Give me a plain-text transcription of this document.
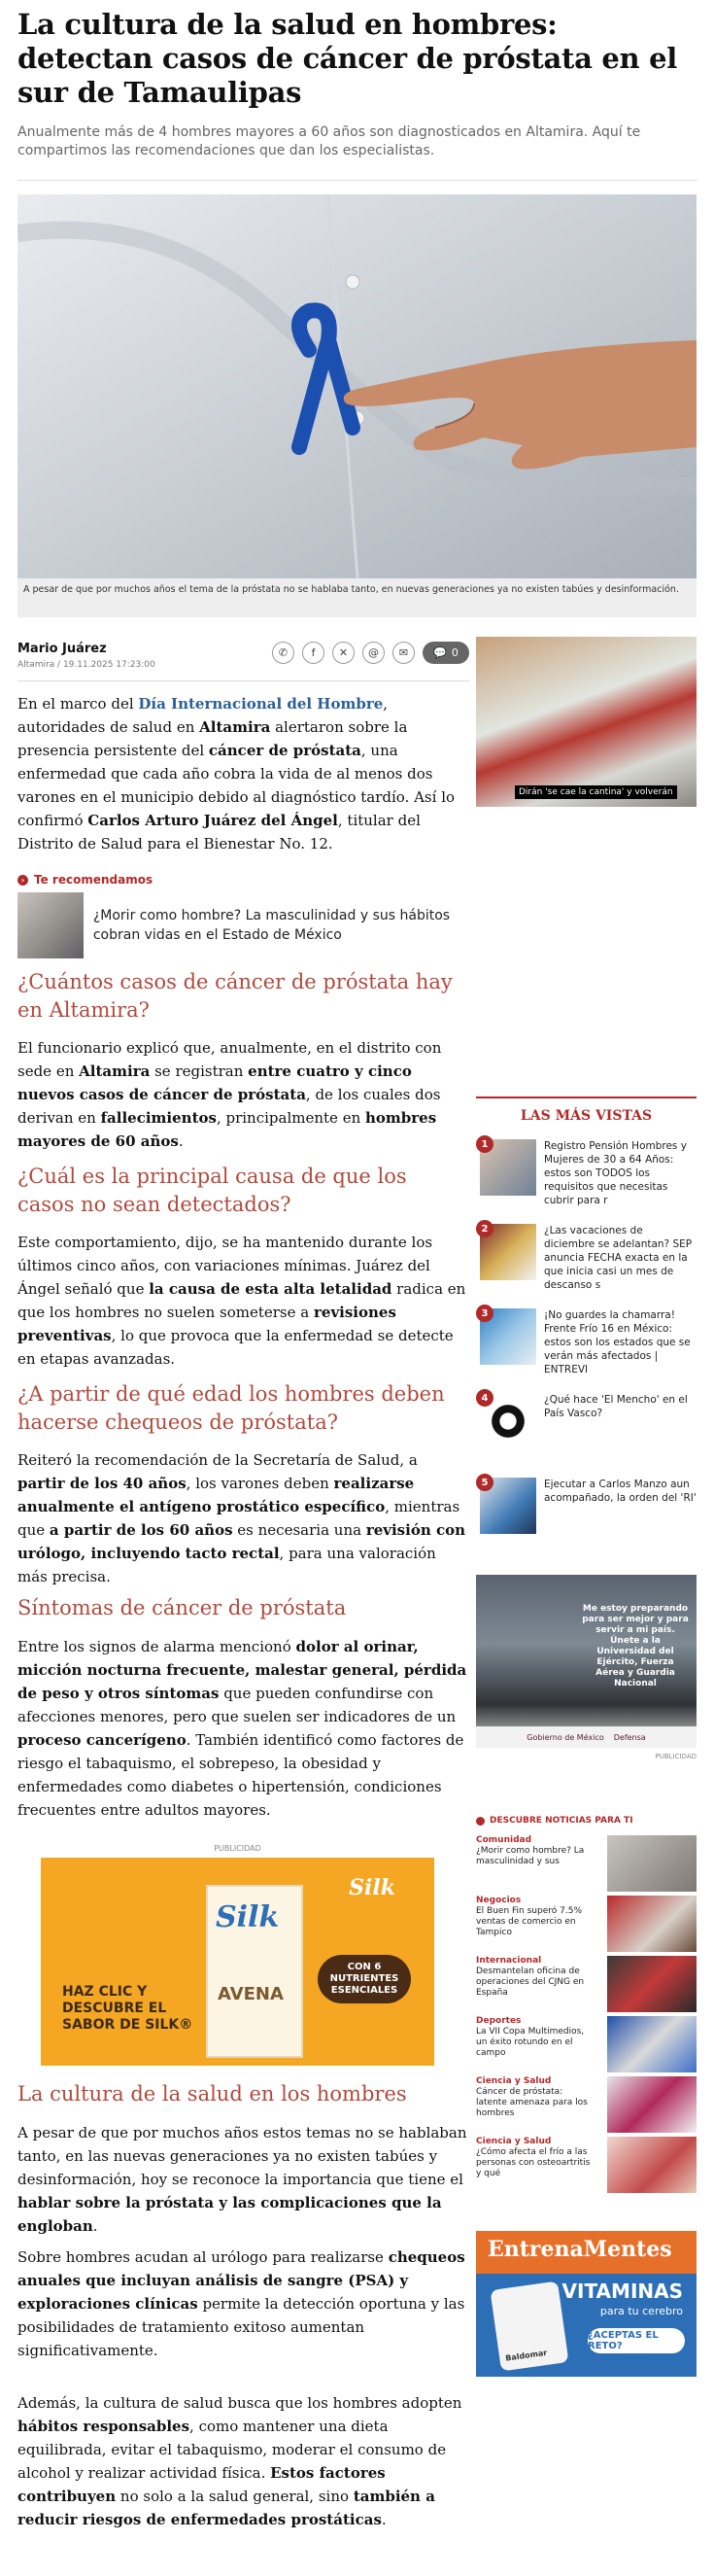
La cultura de la salud en hombres: detectan casos de cáncer de próstata en el sur de Tamaulipas

Anualmente más de 4 hombres mayores a 60 años son diagnosticados en Altamira. Aquí te compartimos las recomendaciones que dan los especialistas.

A pesar de que por muchos años el tema de la próstata no se hablaba tanto, en nuevas generaciones ya no existen tabúes y desinformación.
Mario Juárez
Altamira / 19.11.2025 17:23:00
✆	f	✕	@	✉	💬 0

En el marco del Día Internacional del Hombre, autoridades de salud en Altamira alertaron sobre la presencia persistente del cáncer de próstata, una enfermedad que cada año cobra la vida de al menos dos varones en el municipio debido al diagnóstico tardío. Así lo confirmó Carlos Arturo Juárez del Ángel, titular del Distrito de Salud para el Bienestar No. 12.

› Te recomendamos
¿Morir como hombre? La masculinidad y sus hábitos cobran vidas en el Estado de México
¿Cuántos casos de cáncer de próstata hay en Altamira?

El funcionario explicó que, anualmente, en el distrito con sede en Altamira se registran entre cuatro y cinco nuevos casos de cáncer de próstata, de los cuales dos derivan en fallecimientos, principalmente en hombres mayores de 60 años.

¿Cuál es la principal causa de que los casos no sean detectados?

Este comportamiento, dijo, se ha mantenido durante los últimos cinco años, con variaciones mínimas. Juárez del Ángel señaló que la causa de esta alta letalidad radica en que los hombres no suelen someterse a revisiones preventivas, lo que provoca que la enfermedad se detecte en etapas avanzadas.

¿A partir de qué edad los hombres deben hacerse chequeos de próstata?

Reiteró la recomendación de la Secretaría de Salud, a partir de los 40 años, los varones deben realizarse anualmente el antígeno prostático específico, mientras que a partir de los 60 años es necesaria una revisión con urólogo, incluyendo tacto rectal, para una valoración más precisa.

Síntomas de cáncer de próstata

Entre los signos de alarma mencionó dolor al orinar, micción nocturna frecuente, malestar general, pérdida de peso y otros síntomas que pueden confundirse con afecciones menores, pero que suelen ser indicadores de un proceso cancerígeno. También identificó como factores de riesgo el tabaquismo, el sobrepeso, la obesidad y enfermedades como diabetes o hipertensión, condiciones frecuentes entre adultos mayores.

PUBLICIDAD
Silk
Silk
AVENA
HAZ CLIC Y DESCUBRE EL SABOR DE SILK®
CON 6 NUTRIENTES ESENCIALES
La cultura de la salud en los hombres

A pesar de que por muchos años estos temas no se hablaban tanto, en las nuevas generaciones ya no existen tabúes y desinformación, hoy se reconoce la importancia que tiene el hablar sobre la próstata y las complicaciones que la engloban.

Sobre hombres acudan al urólogo para realizarse chequeos anuales que incluyan análisis de sangre (PSA) y exploraciones clínicas permite la detección oportuna y las posibilidades de tratamiento exitoso aumentan significativamente.

Además, la cultura de salud busca que los hombres adopten hábitos responsables, como mantener una dieta equilibrada, evitar el tabaquismo, moderar el consumo de alcohol y realizar actividad física. Estos factores contribuyen no solo a la salud general, sino también a reducir riesgos de enfermedades prostáticas.

Dirán 'se cae la cantina' y volverán
LAS MÁS VISTAS
1	Registro Pensión Hombres y Mujeres de 30 a 64 Años: estos son TODOS los requisitos que necesitas cubrir para r
2	¿Las vacaciones de diciembre se adelantan? SEP anuncia FECHA exacta en la que inicia casi un mes de descanso s
3	¡No guardes la chamarra! Frente Frío 16 en México: estos son los estados que se verán más afectados | ENTREVI
4	¿Qué hace 'El Mencho' en el País Vasco?
5	Ejecutar a Carlos Manzo aun acompañado, la orden del 'RI'
Me estoy preparando para ser mejor y para servir a mi país. Únete a la Universidad del Ejército, Fuerza Aérea y Guardia Nacional
Gobierno de México Defensa
PUBLICIDAD
DESCUBRE NOTICIAS PARA TI
Comunidad
¿Morir como hombre? La masculinidad y sus
Negocios
El Buen Fin superó 7.5% ventas de comercio en Tampico
Internacional
Desmantelan oficina de operaciones del CJNG en España
Deportes
La VII Copa Multimedios, un éxito rotundo en el campo
Ciencia y Salud
Cáncer de próstata: latente amenaza para los hombres
Ciencia y Salud
¿Cómo afecta el frío a las personas con osteoartritis y qué
EntrenaMentes
Baldomar
VITAMINAS
para tu cerebro
¿ACEPTAS EL RETO?
